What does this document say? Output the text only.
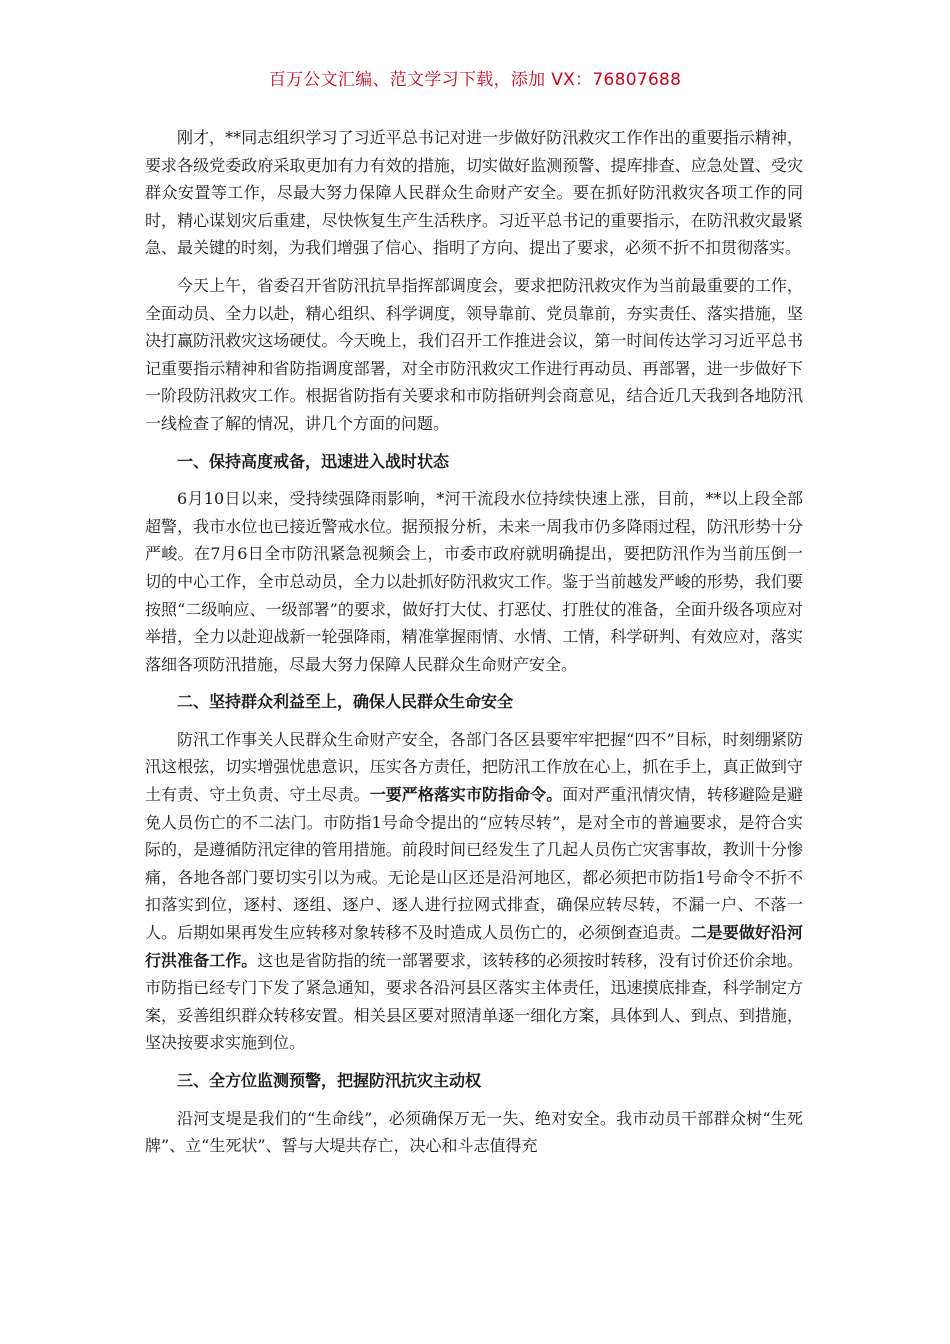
百万公文汇编、范文学习下载，添加 VX：76807688

刚才，**同志组织学习了习近平总书记对进一步做好防汛救灾工作作出的重要指示精神，要求各级党委政府采取更加有力有效的措施，切实做好监测预警、提库排查、应急处置、受灾群众安置等工作，尽最大努力保障人民群众生命财产安全。要在抓好防汛救灾各项工作的同时，精心谋划灾后重建，尽快恢复生产生活秩序。习近平总书记的重要指示，在防汛救灾最紧急、最关键的时刻，为我们增强了信心、指明了方向、提出了要求，必须不折不扣贯彻落实。

今天上午，省委召开省防汛抗旱指挥部调度会，要求把防汛救灾作为当前最重要的工作，全面动员、全力以赴，精心组织、科学调度，领导靠前、党员靠前，夯实责任、落实措施，坚决打赢防汛救灾这场硬仗。今天晚上，我们召开工作推进会议，第一时间传达学习习近平总书记重要指示精神和省防指调度部署，对全市防汛救灾工作进行再动员、再部署，进一步做好下一阶段防汛救灾工作。根据省防指有关要求和市防指研判会商意见，结合近几天我到各地防汛一线检查了解的情况，讲几个方面的问题。

一、保持高度戒备，迅速进入战时状态

6月10日以来，受持续强降雨影响，*河干流段水位持续快速上涨，目前，**以上段全部超警，我市水位也已接近警戒水位。据预报分析，未来一周我市仍多降雨过程，防汛形势十分严峻。在7月6日全市防汛紧急视频会上，市委市政府就明确提出，要把防汛作为当前压倒一切的中心工作，全市总动员，全力以赴抓好防汛救灾工作。鉴于当前越发严峻的形势，我们要按照“二级响应、一级部署”的要求，做好打大仗、打恶仗、打胜仗的准备，全面升级各项应对举措，全力以赴迎战新一轮强降雨，精准掌握雨情、水情、工情，科学研判、有效应对，落实落细各项防汛措施，尽最大努力保障人民群众生命财产安全。

二、坚持群众利益至上，确保人民群众生命安全

防汛工作事关人民群众生命财产安全，各部门各区县要牢牢把握“四不”目标，时刻绷紧防汛这根弦，切实增强忧患意识，压实各方责任，把防汛工作放在心上，抓在手上，真正做到守土有责、守土负责、守土尽责。一要严格落实市防指命令。面对严重汛情灾情，转移避险是避免人员伤亡的不二法门。市防指1号命令提出的“应转尽转”，是对全市的普遍要求，是符合实际的，是遵循防汛定律的管用措施。前段时间已经发生了几起人员伤亡灾害事故，教训十分惨痛，各地各部门要切实引以为戒。无论是山区还是沿河地区，都必须把市防指1号命令不折不扣落实到位，逐村、逐组、逐户、逐人进行拉网式排查，确保应转尽转，不漏一户、不落一人。后期如果再发生应转移对象转移不及时造成人员伤亡的，必须倒查追责。二是要做好沿河行洪准备工作。这也是省防指的统一部署要求，该转移的必须按时转移，没有讨价还价余地。市防指已经专门下发了紧急通知，要求各沿河县区落实主体责任，迅速摸底排查，科学制定方案，妥善组织群众转移安置。相关县区要对照清单逐一细化方案，具体到人、到点、到措施，坚决按要求实施到位。

三、全方位监测预警，把握防汛抗灾主动权

沿河支堤是我们的“生命线”，必须确保万无一失、绝对安全。我市动员干部群众树“生死牌”、立“生死状”、誓与大堤共存亡，决心和斗志值得充
